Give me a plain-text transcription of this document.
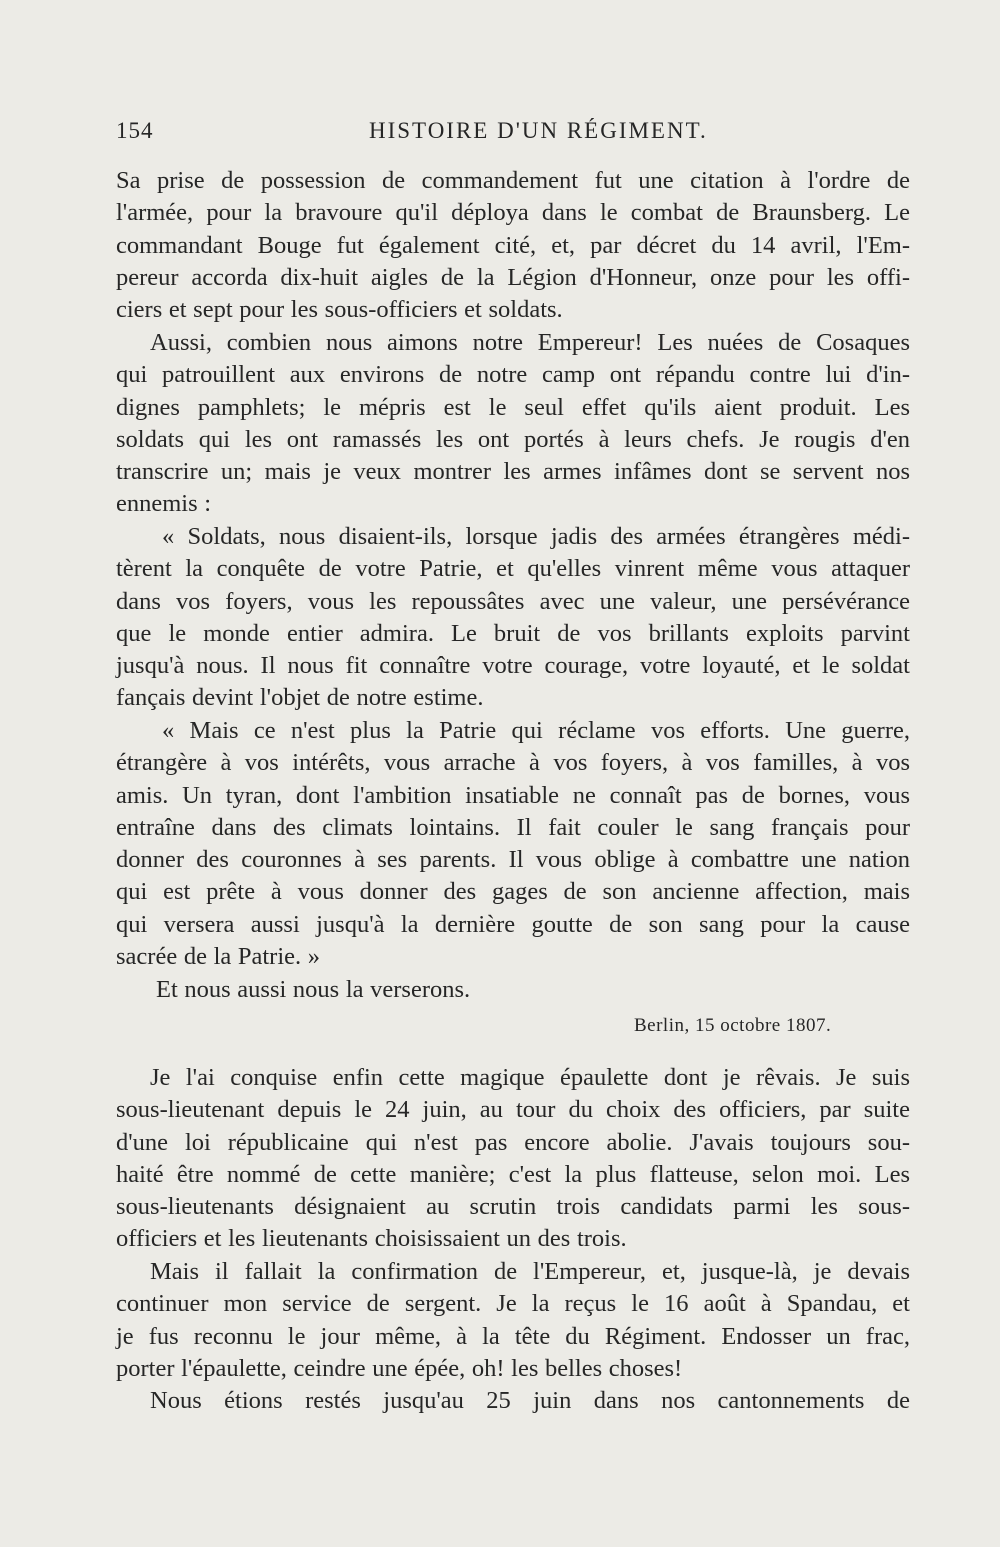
154	HISTOIRE D'UN RÉGIMENT.
Sa prise de possession de commandement fut une citation à l'ordre de
l'armée, pour la bravoure qu'il déploya dans le combat de Braunsberg. Le
commandant Bouge fut également cité, et, par décret du 14 avril, l'Em-
pereur accorda dix-huit aigles de la Légion d'Honneur, onze pour les offi-
ciers et sept pour les sous-officiers et soldats.
Aussi, combien nous aimons notre Empereur! Les nuées de Cosaques
qui patrouillent aux environs de notre camp ont répandu contre lui d'in-
dignes pamphlets; le mépris est le seul effet qu'ils aient produit. Les
soldats qui les ont ramassés les ont portés à leurs chefs. Je rougis d'en
transcrire un; mais je veux montrer les armes infâmes dont se servent nos
ennemis :
« Soldats, nous disaient-ils, lorsque jadis des armées étrangères médi-
tèrent la conquête de votre Patrie, et qu'elles vinrent même vous attaquer
dans vos foyers, vous les repoussâtes avec une valeur, une persévérance
que le monde entier admira. Le bruit de vos brillants exploits parvint
jusqu'à nous. Il nous fit connaître votre courage, votre loyauté, et le soldat
fançais devint l'objet de notre estime.
« Mais ce n'est plus la Patrie qui réclame vos efforts. Une guerre,
étrangère à vos intérêts, vous arrache à vos foyers, à vos familles, à vos
amis. Un tyran, dont l'ambition insatiable ne connaît pas de bornes, vous
entraîne dans des climats lointains. Il fait couler le sang français pour
donner des couronnes à ses parents. Il vous oblige à combattre une nation
qui est prête à vous donner des gages de son ancienne affection, mais
qui versera aussi jusqu'à la dernière goutte de son sang pour la cause
sacrée de la Patrie. »
Et nous aussi nous la verserons.
Berlin, 15 octobre 1807.
Je l'ai conquise enfin cette magique épaulette dont je rêvais. Je suis
sous-lieutenant depuis le 24 juin, au tour du choix des officiers, par suite
d'une loi républicaine qui n'est pas encore abolie. J'avais toujours sou-
haité être nommé de cette manière; c'est la plus flatteuse, selon moi. Les
sous-lieutenants désignaient au scrutin trois candidats parmi les sous-
officiers et les lieutenants choisissaient un des trois.
Mais il fallait la confirmation de l'Empereur, et, jusque-là, je devais
continuer mon service de sergent. Je la reçus le 16 août à Spandau, et
je fus reconnu le jour même, à la tête du Régiment. Endosser un frac,
porter l'épaulette, ceindre une épée, oh! les belles choses!
Nous étions restés jusqu'au 25 juin dans nos cantonnements de
